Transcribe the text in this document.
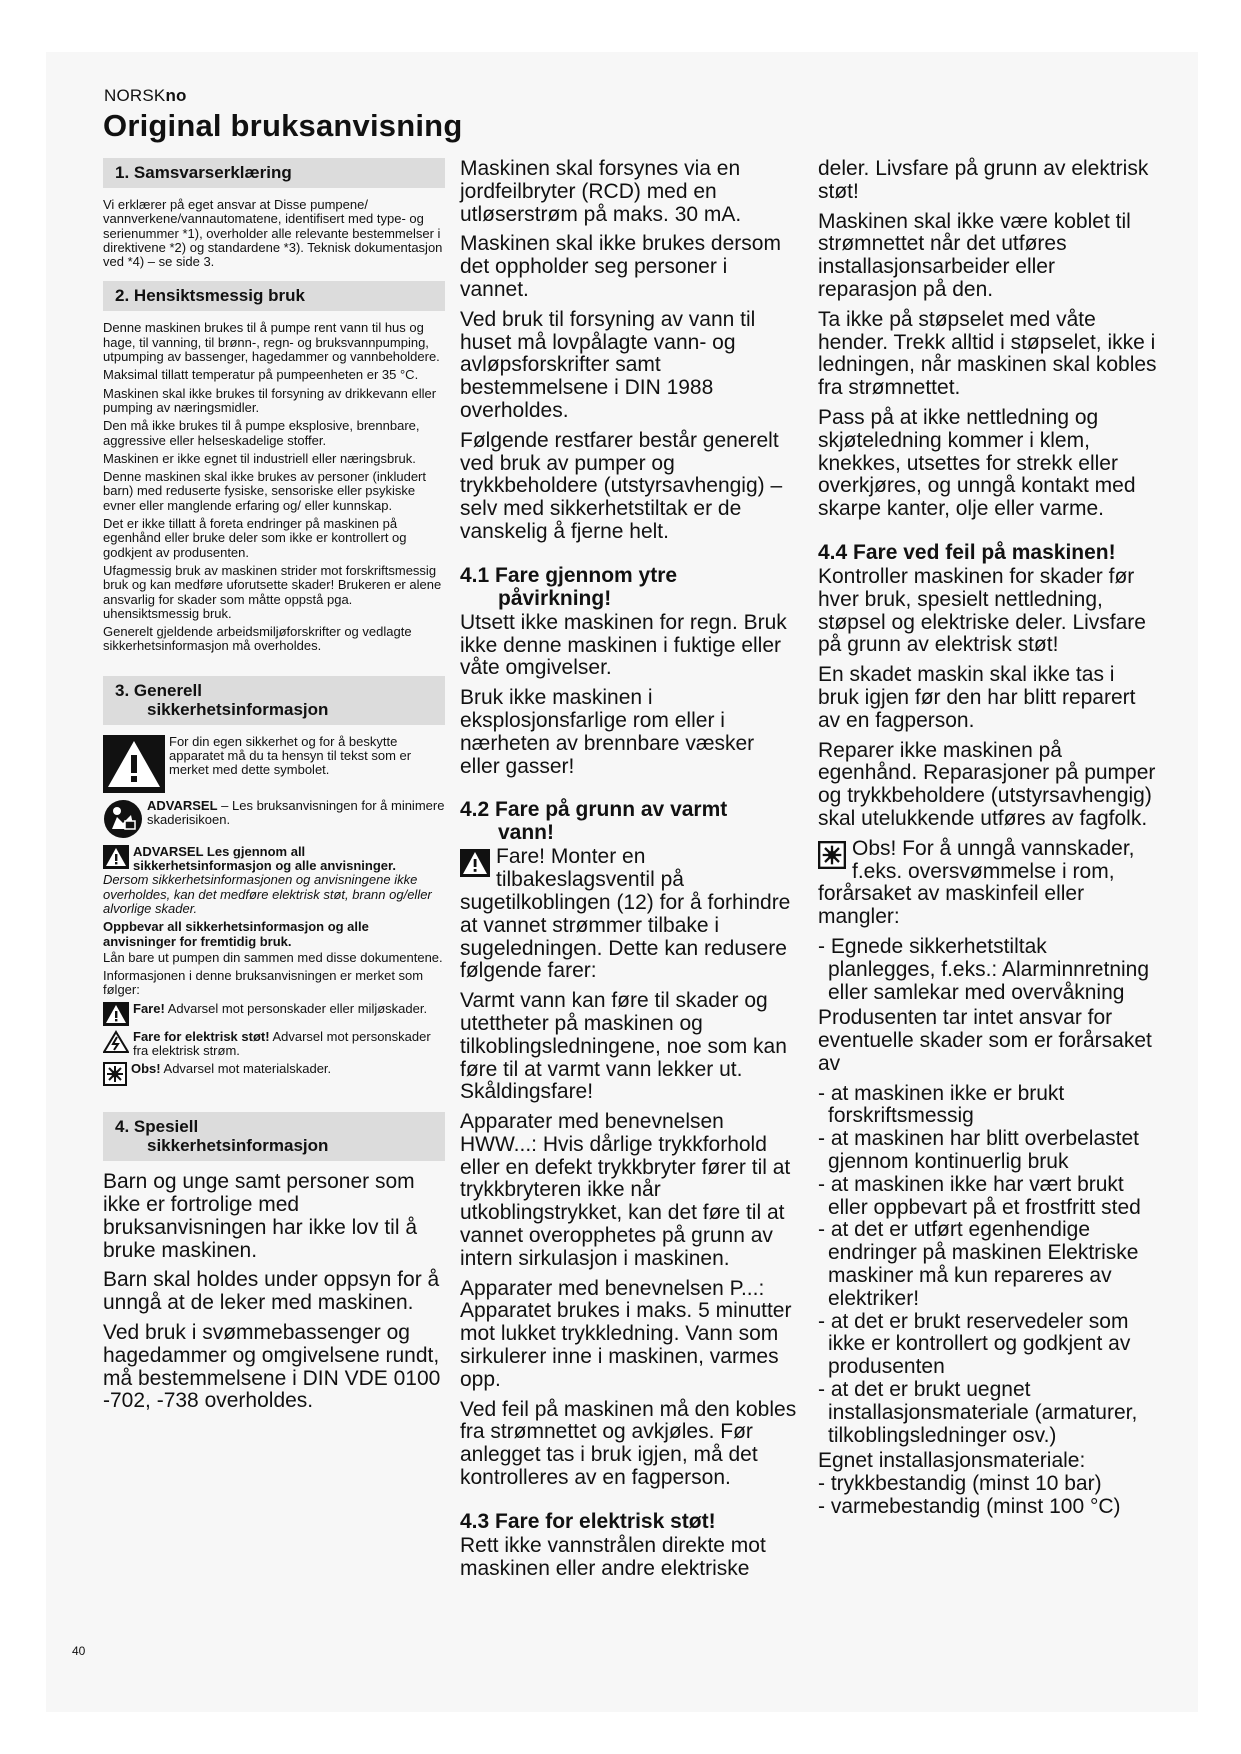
NORSKno
Original bruksanvisning
1. Samsvarserklæring

Vi erklærer på eget ansvar at Disse pumpene/ vannverkene/vannautomatene, identifisert med type- og serienummer *1), overholder alle relevante bestemmelser i direktivene *2) og standardene *3). Teknisk dokumentasjon ved *4) – se side 3.

2. Hensiktsmessig bruk

Denne maskinen brukes til å pumpe rent vann til hus og hage, til vanning, til brønn-, regn- og bruksvannpumping, utpumping av bassenger, hagedammer og vannbeholdere.

Maksimal tillatt temperatur på pumpeenheten er 35 °C.

Maskinen skal ikke brukes til forsyning av drikkevann eller pumping av næringsmidler.

Den må ikke brukes til å pumpe eksplosive, brennbare, aggressive eller helseskadelige stoffer.

Maskinen er ikke egnet til industriell eller næringsbruk.

Denne maskinen skal ikke brukes av personer (inkludert barn) med reduserte fysiske, sensoriske eller psykiske evner eller manglende erfaring og/ eller kunnskap.

Det er ikke tillatt å foreta endringer på maskinen på egenhånd eller bruke deler som ikke er kontrollert og godkjent av produsenten.

Ufagmessig bruk av maskinen strider mot forskriftsmessig bruk og kan medføre uforutsette skader! Brukeren er alene ansvarlig for skader som måtte oppstå pga. uhensiktsmessig bruk.

Generelt gjeldende arbeidsmiljøforskrifter og vedlagte sikkerhetsinformasjon må overholdes.

3. Generell
sikkerhetsinformasjon

For din egen sikkerhet og for å beskytte apparatet må du ta hensyn til tekst som er merket med dette symbolet.

ADVARSEL – Les bruksanvisningen for å minimere skaderisikoen.

ADVARSEL Les gjennom all sikkerhetsinformasjon og alle anvisninger. Dersom sikkerhetsinformasjonen og anvisningene ikke overholdes, kan det medføre elektrisk støt, brann og/eller alvorlige skader.

Oppbevar all sikkerhetsinformasjon og alle anvisninger for fremtidig bruk.

Lån bare ut pumpen din sammen med disse dokumentene.

Informasjonen i denne bruksanvisningen er merket som følger:

Fare! Advarsel mot personskader eller miljøskader.

Fare for elektrisk støt! Advarsel mot personskader fra elektrisk strøm.

Obs! Advarsel mot materialskader.

4. Spesiell
sikkerhetsinformasjon

Barn og unge samt personer som ikke er fortrolige med bruksanvisningen har ikke lov til å bruke maskinen.

Barn skal holdes under oppsyn for å unngå at de leker med maskinen.

Ved bruk i svømmebassenger og hagedammer og omgivelsene rundt, må bestemmelsene i DIN VDE 0100 -702, -738 overholdes.

Maskinen skal forsynes via en jordfeilbryter (RCD) med en utløserstrøm på maks. 30 mA.

Maskinen skal ikke brukes dersom det oppholder seg personer i vannet.

Ved bruk til forsyning av vann til huset må lovpålagte vann- og avløpsforskrifter samt bestemmelsene i DIN 1988 overholdes.

Følgende restfarer består generelt ved bruk av pumper og trykkbeholdere (utstyrsavhengig) – selv med sikkerhetstiltak er de vanskelig å fjerne helt.

4.1 Fare gjennom ytre
påvirkning!

Utsett ikke maskinen for regn. Bruk ikke denne maskinen i fuktige eller våte omgivelser.

Bruk ikke maskinen i eksplosjonsfarlige rom eller i nærheten av brennbare væsker eller gasser!

4.2 Fare på grunn av varmt
vann!

Fare! Monter en tilbakeslagsventil på sugetilkoblingen (12) for å forhindre at vannet strømmer tilbake i sugeledningen. Dette kan redusere følgende farer:

Varmt vann kan føre til skader og utettheter på maskinen og tilkoblingsledningene, noe som kan føre til at varmt vann lekker ut. Skåldingsfare!

Apparater med benevnelsen HWW...: Hvis dårlige trykkforhold eller en defekt trykkbryter fører til at trykkbryteren ikke når utkoblingstrykket, kan det føre til at vannet overopphetes på grunn av intern sirkulasjon i maskinen.

Apparater med benevnelsen P...: Apparatet brukes i maks. 5 minutter mot lukket trykkledning. Vann som sirkulerer inne i maskinen, varmes opp.

Ved feil på maskinen må den kobles fra strømnettet og avkjøles. Før anlegget tas i bruk igjen, må det kontrolleres av en fagperson.

4.3 Fare for elektrisk støt!

Rett ikke vannstrålen direkte mot maskinen eller andre elektriske

deler. Livsfare på grunn av elektrisk støt!

Maskinen skal ikke være koblet til strømnettet når det utføres installasjonsarbeider eller reparasjon på den.

Ta ikke på støpselet med våte hender. Trekk alltid i støpselet, ikke i ledningen, når maskinen skal kobles fra strømnettet.

Pass på at ikke nettledning og skjøteledning kommer i klem, knekkes, utsettes for strekk eller overkjøres, og unngå kontakt med skarpe kanter, olje eller varme.

4.4 Fare ved feil på maskinen!

Kontroller maskinen for skader før hver bruk, spesielt nettledning, støpsel og elektriske deler. Livsfare på grunn av elektrisk støt!

En skadet maskin skal ikke tas i bruk igjen før den har blitt reparert av en fagperson.

Reparer ikke maskinen på egenhånd. Reparasjoner på pumper og trykkbeholdere (utstyrsavhengig) skal utelukkende utføres av fagfolk.

Obs! For å unngå vannskader, f.eks. oversvømmelse i rom, forårsaket av maskinfeil eller mangler:

- Egnede sikkerhetstiltak planlegges, f.eks.: Alarminnretning eller samlekar med overvåkning

Produsenten tar intet ansvar for eventuelle skader som er forårsaket av

- at maskinen ikke er brukt forskriftsmessig

- at maskinen har blitt overbelastet gjennom kontinuerlig bruk

- at maskinen ikke har vært brukt eller oppbevart på et frostfritt sted

- at det er utført egenhendige endringer på maskinen Elektriske maskiner må kun repareres av elektriker!

- at det er brukt reservedeler som ikke er kontrollert og godkjent av produsenten

- at det er brukt uegnet installasjonsmateriale (armaturer, tilkoblingsledninger osv.)

Egnet installasjonsmateriale:

- trykkbestandig (minst 10 bar)

- varmebestandig (minst 100 °C)

40
